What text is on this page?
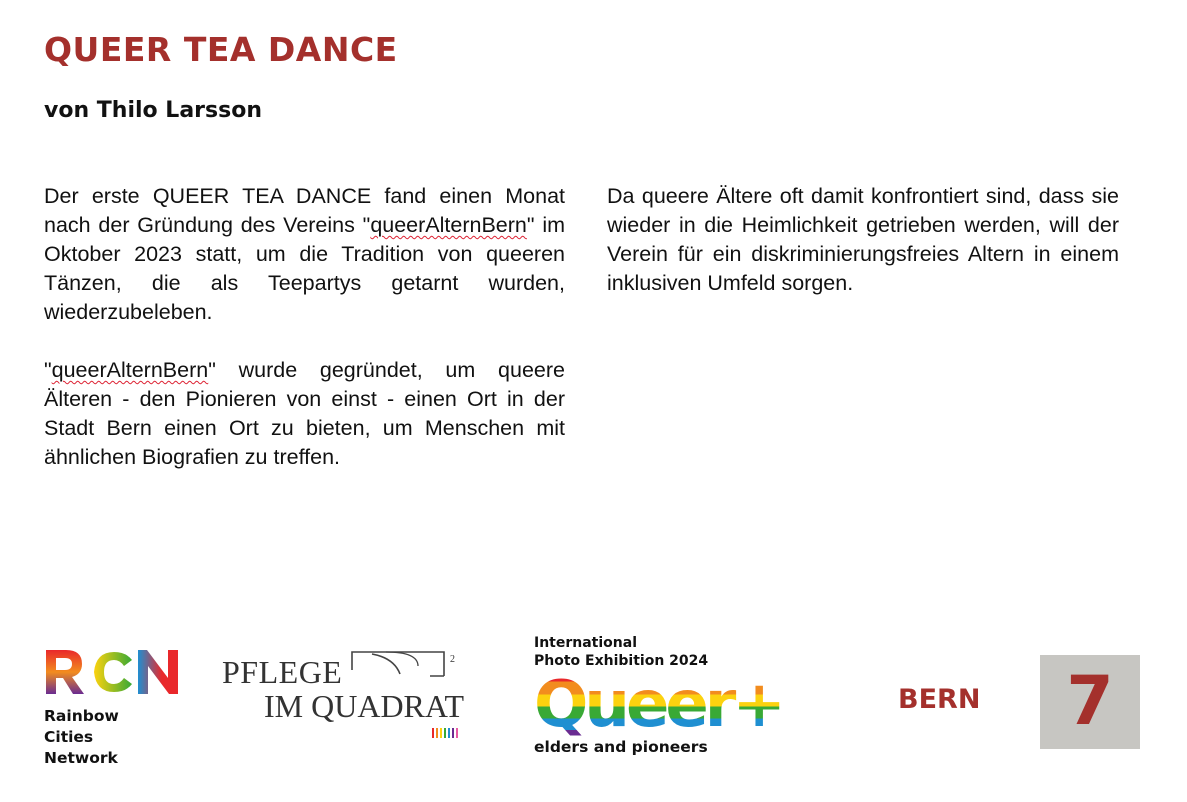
QUEER TEA DANCE
von Thilo Larsson

Der erste QUEER TEA DANCE fand einen Monat nach der Gründung des Vereins "queerAlternBern" im Oktober 2023 statt, um die Tradition von queeren Tänzen, die als Teepartys getarnt wurden, wiederzubeleben.

"queerAlternBern" wurde gegründet, um queere Älteren - den Pionieren von einst - einen Ort in der Stadt Bern einen Ort zu bieten, um Menschen mit ähnlichen Biografien zu treffen.

Da queere Ältere oft damit konfrontiert sind, dass sie wieder in die Heimlichkeit getrieben werden, will der Verein für ein diskriminierungsfreies Altern in einem inklusiven Umfeld sorgen.

Rainbow
Cities
Network
PFLEGE	2
IM QUADRAT
International
Photo Exhibition 2024
Queer+
elders and pioneers
BERN 7
